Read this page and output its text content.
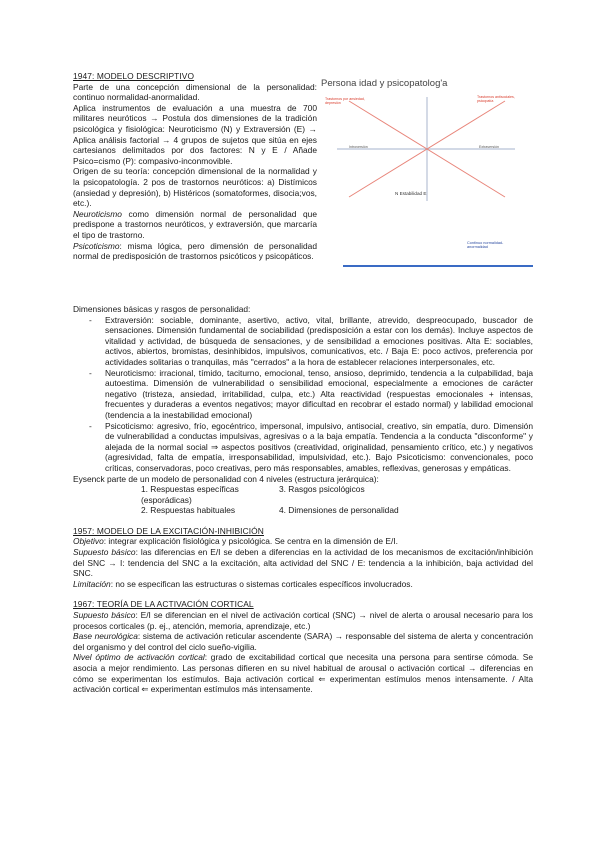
1947: MODELO DESCRIPTIVO

Parte de una concepción dimensional de la personalidad: continuo normalidad-anormalidad.

Aplica instrumentos de evaluación a una muestra de 700 militares neuróticos → Postula dos dimensiones de la tradición psicológica y fisiológica: Neuroticismo (N) y Extraversión (E) → Aplica análisis factorial → 4 grupos de sujetos que sitúa en ejes cartesianos delimitados por dos factores: N y E / Añade Psico=cismo (P): compasivo-inconmovible.

Origen de su teoría: concepción dimensional de la normalidad y la psicopatología. 2 pos de trastornos neuróticos: a) Distímicos (ansiedad y depresión), b) Histéricos (somatoformes, disocia;vos, etc.).

Neuroticismo como dimensión normal de personalidad que predispone a trastornos neuróticos, y extraversión, que marcaría el tipo de trastorno.

Psicoticismo: misma lógica, pero dimensión de personalidad normal de predisposición de trastornos psicóticos y psicopáticos.

Persona idad y psicopatolog'a
Trastornos antisociales, psicopatía
Trastornos por ansiedad, depresión
Introversión	Extraversión
N Estabilidad E
Continuo normalidad-anormalidad

Dimensiones básicas y rasgos de personalidad:

- Extraversión: sociable, dominante, asertivo, activo, vital, brillante, atrevido, despreocupado, buscador de sensaciones. Dimensión fundamental de sociabilidad (predisposición a estar con los demás). Incluye aspectos de vitalidad y actividad, de búsqueda de sensaciones, y de sensibilidad a emociones positivas. Alta E: sociables, activos, abiertos, bromistas, desinhibidos, impulsivos, comunicativos, etc. / Baja E: poco activos, preferencia por actividades solitarias o tranquilas, más "cerrados" a la hora de establecer relaciones interpersonales, etc.
- Neuroticismo: irracional, tímido, taciturno, emocional, tenso, ansioso, deprimido, tendencia a la culpabilidad, baja autoestima. Dimensión de vulnerabilidad o sensibilidad emocional, especialmente a emociones de carácter negativo (tristeza, ansiedad, irritabilidad, culpa, etc.) Alta reactividad (respuestas emocionales + intensas, frecuentes y duraderas a eventos negativos; mayor dificultad en recobrar el estado normal) y labilidad emocional (tendencia a la inestabilidad emocional)
- Psicoticismo: agresivo, frío, egocéntrico, impersonal, impulsivo, antisocial, creativo, sin empatía, duro. Dimensión de vulnerabilidad a conductas impulsivas, agresivas o a la baja empatía. Tendencia a la conducta "disconforme" y alejada de la normal social ⇒ aspectos positivos (creatividad, originalidad, pensamiento crítico, etc.) y negativos (agresividad, falta de empatía, irresponsabilidad, impulsividad, etc.). Bajo Psicoticismo: convencionales, poco críticas, conservadoras, poco creativas, pero más responsables, amables, reflexivas, generosas y empáticas.

Eysenck parte de un modelo de personalidad con 4 niveles (estructura jerárquica):

1. Respuestas específicas (esporádicas)
3. Rasgos psicológicos
2. Respuestas habituales	4. Dimensiones de personalidad

1957: MODELO DE LA EXCITACIÓN-INHIBICIÓN

Objetivo: integrar explicación fisiológica y psicológica. Se centra en la dimensión de E/I.

Supuesto básico: las diferencias en E/I se deben a diferencias en la actividad de los mecanismos de excitación/inhibición del SNC → I: tendencia del SNC a la excitación, alta actividad del SNC / E: tendencia a la inhibición, baja actividad del SNC.

Limitación: no se especifican las estructuras o sistemas corticales específicos involucrados.

1967: TEORÍA DE LA ACTIVACIÓN CORTICAL

Supuesto básico: E/I se diferencian en el nivel de activación cortical (SNC) → nivel de alerta o arousal necesario para los procesos corticales (p. ej., atención, memoria, aprendizaje, etc.)

Base neurológica: sistema de activación reticular ascendente (SARA) → responsable del sistema de alerta y concentración del organismo y del control del ciclo sueño-vigilia.

Nivel óptimo de activación cortical: grado de excitabilidad cortical que necesita una persona para sentirse cómoda. Se asocia a mejor rendimiento. Las personas difieren en su nivel habitual de arousal o activación cortical → diferencias en cómo se experimentan los estímulos. Baja activación cortical ⇐ experimentan estímulos menos intensamente. / Alta activación cortical ⇐ experimentan estímulos más intensamente.
